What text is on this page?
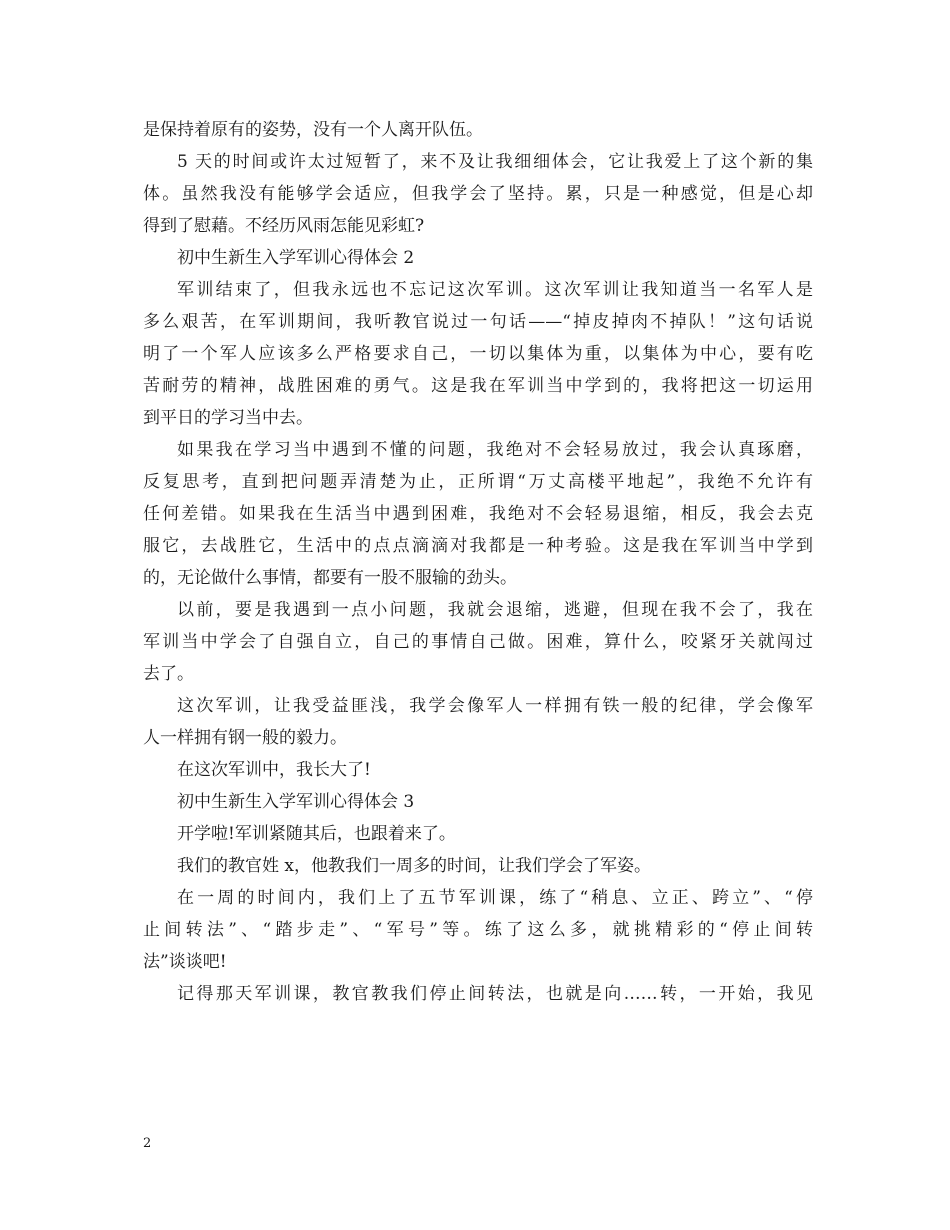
是保持着原有的姿势，没有一个人离开队伍。
5 天的时间或许太过短暂了，来不及让我细细体会，它让我爱上了这个新的集
体。虽然我没有能够学会适应，但我学会了坚持。累，只是一种感觉，但是心却
得到了慰藉。不经历风雨怎能见彩虹?
初中生新生入学军训心得体会 2
军训结束了，但我永远也不忘记这次军训。这次军训让我知道当一名军人是
多么艰苦，在军训期间，我听教官说过一句话——“掉皮掉肉不掉队！”这句话说
明了一个军人应该多么严格要求自己，一切以集体为重，以集体为中心，要有吃
苦耐劳的精神，战胜困难的勇气。这是我在军训当中学到的，我将把这一切运用
到平日的学习当中去。
如果我在学习当中遇到不懂的问题，我绝对不会轻易放过，我会认真琢磨，
反复思考，直到把问题弄清楚为止，正所谓“万丈高楼平地起”，我绝不允许有
任何差错。如果我在生活当中遇到困难，我绝对不会轻易退缩，相反，我会去克
服它，去战胜它，生活中的点点滴滴对我都是一种考验。这是我在军训当中学到
的，无论做什么事情，都要有一股不服输的劲头。
以前，要是我遇到一点小问题，我就会退缩，逃避，但现在我不会了，我在
军训当中学会了自强自立，自己的事情自己做。困难，算什么，咬紧牙关就闯过
去了。
这次军训，让我受益匪浅，我学会像军人一样拥有铁一般的纪律，学会像军
人一样拥有钢一般的毅力。
在这次军训中，我长大了!
初中生新生入学军训心得体会 3
开学啦!军训紧随其后，也跟着来了。
我们的教官姓 x，他教我们一周多的时间，让我们学会了军姿。
在一周的时间内，我们上了五节军训课，练了“稍息、立正、跨立”、“停
止间转法”、“踏步走”、“军号”等。练了这么多，就挑精彩的“停止间转
法”谈谈吧!
记得那天军训课，教官教我们停止间转法，也就是向……转，一开始，我见
2
